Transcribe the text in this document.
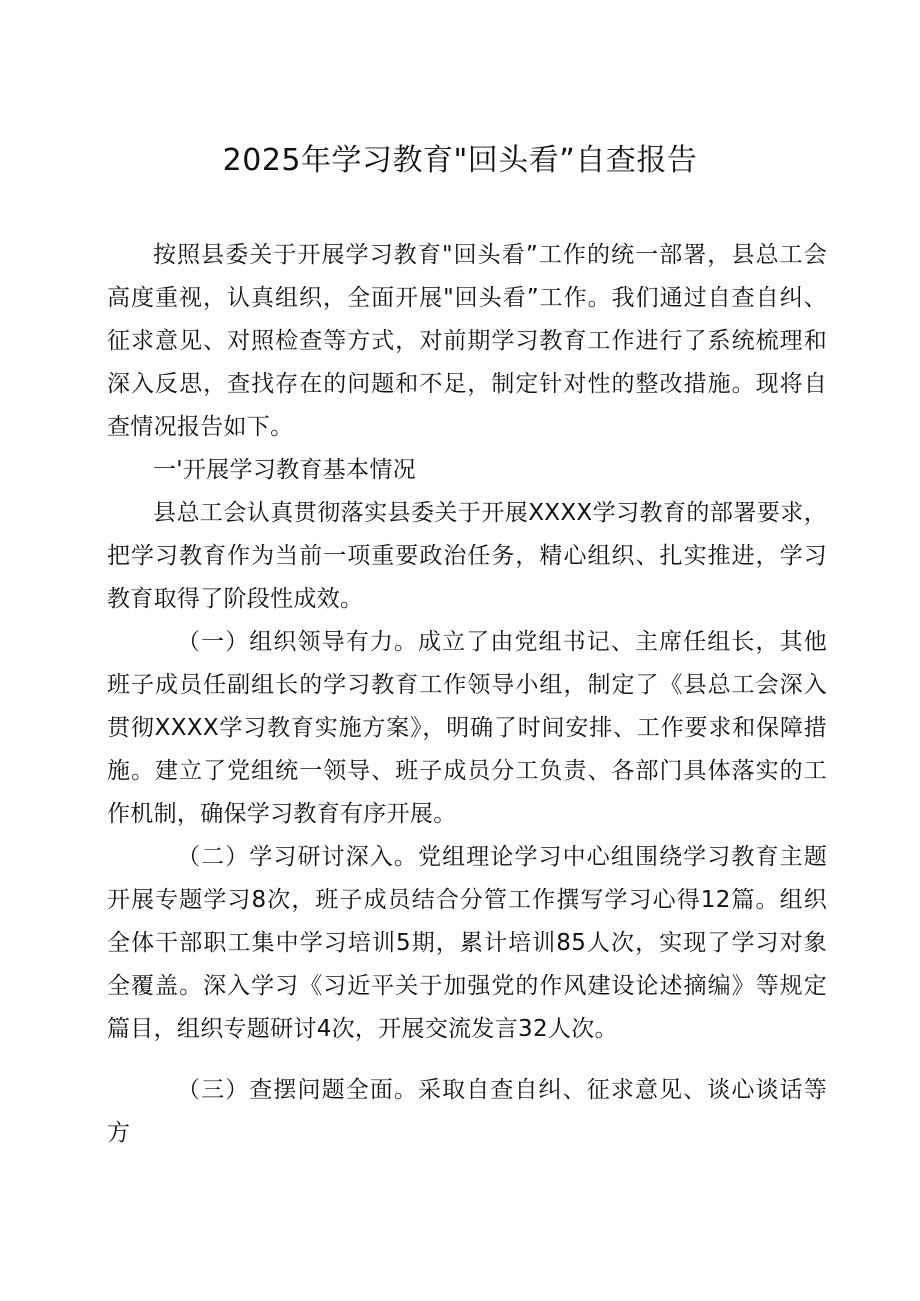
2025年学习教育"回头看”自查报告

按照县委关于开展学习教育"回头看”工作的统一部署，县总工会高度重视，认真组织，全面开展"回头看”工作。我们通过自查自纠、征求意见、对照检查等方式，对前期学习教育工作进行了系统梳理和深入反思，查找存在的问题和不足，制定针对性的整改措施。现将自查情况报告如下。

一'开展学习教育基本情况

县总工会认真贯彻落实县委关于开展XXXX学习教育的部署要求，把学习教育作为当前一项重要政治任务，精心组织、扎实推进，学习教育取得了阶段性成效。

（一）组织领导有力。成立了由党组书记、主席任组长，其他班子成员任副组长的学习教育工作领导小组，制定了《县总工会深入贯彻XXXX学习教育实施方案》，明确了时间安排、工作要求和保障措施。建立了党组统一领导、班子成员分工负责、各部门具体落实的工作机制，确保学习教育有序开展。

（二）学习研讨深入。党组理论学习中心组围绕学习教育主题开展专题学习8次，班子成员结合分管工作撰写学习心得12篇。组织全体干部职工集中学习培训5期，累计培训85人次，实现了学习对象全覆盖。深入学习《习近平关于加强党的作风建设论述摘编》等规定篇目，组织专题研讨4次，开展交流发言32人次。

（三）查摆问题全面。采取自查自纠、征求意见、谈心谈话等方
